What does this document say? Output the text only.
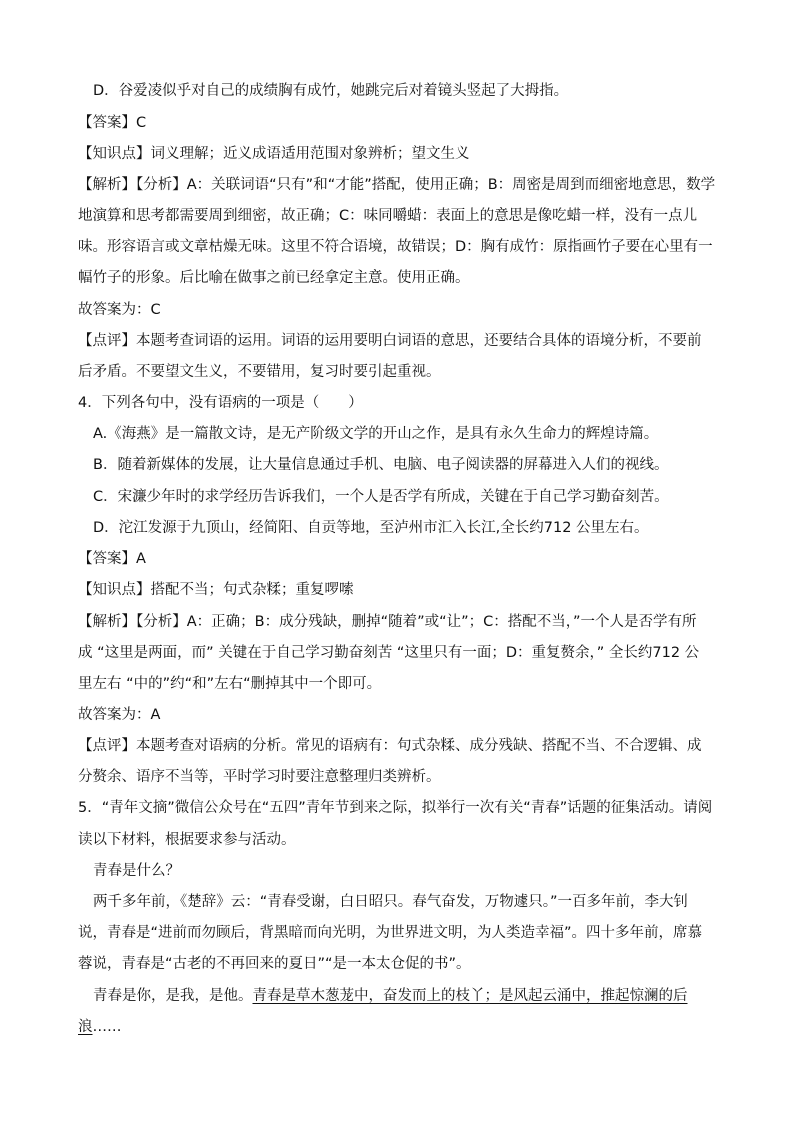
D．谷爱凌似乎对自己的成绩胸有成竹，她跳完后对着镜头竖起了大拇指。
【答案】C
【知识点】词义理解；近义成语适用范围对象辨析；望文生义
【解析】【分析】A：关联词语“只有”和“才能”搭配，使用正确；B：周密是周到而细密地意思，数学
地演算和思考都需要周到细密，故正确；C：味同嚼蜡：表面上的意思是像吃蜡一样，没有一点儿
味。形容语言或文章枯燥无味。这里不符合语境，故错误；D：胸有成竹：原指画竹子要在心里有一
幅竹子的形象。后比喻在做事之前已经拿定主意。使用正确。
故答案为：C
【点评】本题考查词语的运用。词语的运用要明白词语的意思，还要结合具体的语境分析，不要前
后矛盾。不要望文生义，不要错用，复习时要引起重视。
4．下列各句中，没有语病的一项是（　　）
A.《海燕》是一篇散文诗，是无产阶级文学的开山之作，是具有永久生命力的辉煌诗篇。
B．随着新媒体的发展，让大量信息通过手机、电脑、电子阅读器的屏幕进入人们的视线。
C．宋濂少年时的求学经历告诉我们，一个人是否学有所成，关键在于自己学习勤奋刻苦。
D．沱江发源于九顶山，经简阳、自贡等地，至泸州市汇入长江,全长约712 公里左右。
【答案】A
【知识点】搭配不当；句式杂糅；重复啰嗦
【解析】【分析】A：正确；B：成分残缺，删掉“随着”或“让”；C：搭配不当，”一个人是否学有所
成 “这里是两面，而” 关键在于自己学习勤奋刻苦 “这里只有一面；D：重复赘余，” 全长约712 公
里左右 “中的”约“和”左右“删掉其中一个即可。
故答案为：A
【点评】本题考查对语病的分析。常见的语病有：句式杂糅、成分残缺、搭配不当、不合逻辑、成
分赘余、语序不当等，平时学习时要注意整理归类辨析。
5．“青年文摘”微信公众号在“五四”青年节到来之际，拟举行一次有关“青春”话题的征集活动。请阅
读以下材料，根据要求参与活动。
青春是什么？
两千多年前，《楚辞》云：“青春受谢，白日昭只。春气奋发，万物遽只。”一百多年前，李大钊
说，青春是“进前而勿顾后，背黑暗而向光明，为世界进文明，为人类造幸福”。四十多年前，席慕
蓉说，青春是“古老的不再回来的夏日”“是一本太仓促的书”。
青春是你，是我，是他。青春是草木葱茏中，奋发而上的枝丫；是风起云涌中，推起惊澜的后
浪……
